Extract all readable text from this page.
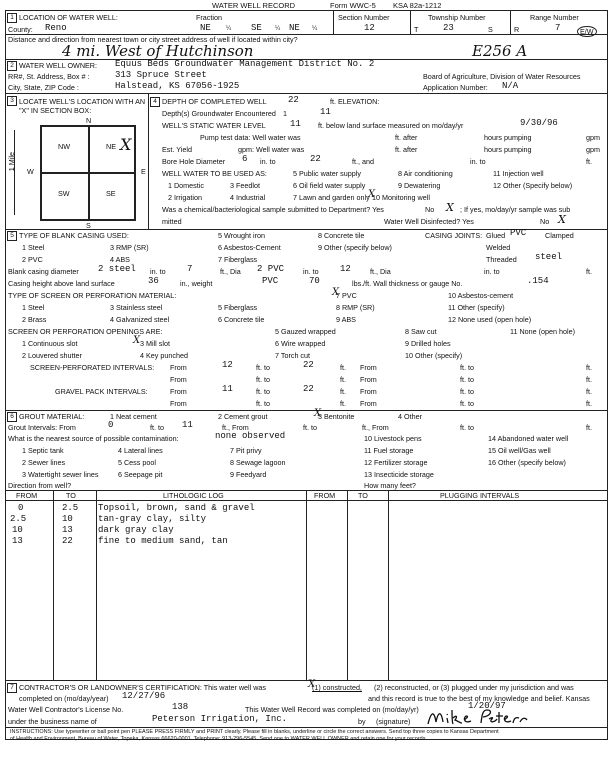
WATER WELL RECORD	Form WWC-5 KSA 82a-1212
1 LOCATION OF WATER WELL:	Fraction	Section Number	Township Number	Range Number
County: Reno	NE ¼ SE ¼ NE ¼	12	T	23	S	R	7	E/W
Distance and direction from nearest town or city street address of well if located within city?
4 mi. West of Hutchinson	E256 A
2 WATER WELL OWNER: Equus Beds Groundwater Management District No. 2
RR#, St. Address, Box # :	313 Spruce Street	Board of Agriculture, Division of Water Resources
City, State, ZIP Code :	Halstead, KS 67056-1925	Application Number: N/A
3 LOCATE WELL'S LOCATION WITH AN "X" IN SECTION BOX:
N
S
E
W
1 Mile
NW	NE
SW	SE
X
4 DEPTH OF COMPLETED WELL 22	ft. ELEVATION:
Depth(s) Groundwater Encountered 1	11
WELL'S STATIC WATER LEVEL	11 ft. below land surface measured on mo/day/yr	9/30/96
Pump test data: Well water was	ft. after	hours pumping	gpm
Est. Yield	gpm: Well water was	ft. after	hours pumping	gpm
Bore Hole Diameter 6 in. to	22	ft., and	in. to	ft.
WELL WATER TO BE USED AS:
1 Domestic	3 Feedlot
5 Public water supply	8 Air conditioning	11 Injection well
2 Irrigation	4 Industrial	7 Lawn and garden only
9 Dewatering	12 Other (Specify below)
6 Oil field water supply
10 Monitoring well
X
Was a chemical/bacteriological sample submitted to Department? Yes	No X ; If yes, mo/day/yr sample was sub
mitted	Water Well Disinfected? Yes	No X
5 TYPE OF BLANK CASING USED:
1 Steel	3 RMP (SR)
5 Wrought iron	8 Concrete tile
2 PVC	4 ABS
6 Asbestos-Cement	9 Other (specify below)
7 Fiberglass
CASING JOINTS: Glued PVC	Clamped
Welded
Threaded steel
Blank casing diameter 2 steel in. to 7	ft., Dia 2 PVC	in. to 12	ft., Dia	in. to	ft.
Casing height above land surface	36	in., weight	PVC	70	lbs./ft. Wall thickness or gauge No.	.154
TYPE OF SCREEN OR PERFORATION MATERIAL:
1 Steel	3 Stainless steel	5 Fiberglass
7 PVC	10 Asbestos-cement
2 Brass	4 Galvanized steel	6 Concrete tile
8 RMP (SR)	11 Other (specify)
9 ABS	12 None used (open hole)
X
SCREEN OR PERFORATION OPENINGS ARE:
1 Continuous slot	3 Mill slot
5 Gauzed wrapped	8 Saw cut	11 None (open hole)
2 Louvered shutter	4 Key punched
6 Wire wrapped	9 Drilled holes
7 Torch cut	10 Other (specify)
X
SCREEN-PERFORATED INTERVALS: From	12	ft. to	22	ft. From	ft. to	ft.
From	ft. to	ft. From	ft. to	ft.
GRAVEL PACK INTERVALS:	From	11	ft. to	22	ft. From	ft. to	ft.
From	ft. to	ft. From	ft. to	ft.
6 GROUT MATERIAL:	1 Neat cement	2 Cement grout	3 Bentonite	4 Other
X
Grout Intervals: From	0	ft. to 11	ft., From	ft. to	ft., From	ft. to	ft.
What is the nearest source of possible contamination:	none observed
1 Septic tank	4 Lateral lines	7 Pit privy
10 Livestock pens	14 Abandoned water well
2 Sewer lines	5 Cess pool	8 Sewage lagoon
11 Fuel storage	15 Oil well/Gas well
3 Watertight sewer lines	6 Seepage pit	9 Feedyard
12 Fertilizer storage	16 Other (specify below)
13 Insecticide storage
Direction from well?	How many feet?
FROM	TO	LITHOLOGIC LOG	FROM	TO	PLUGGING INTERVALS
0	2.5 Topsoil, brown, sand & gravel
2.5	10	tan-gray clay, silty
10	13	dark gray clay
13	22	fine to medium sand, tan
7 CONTRACTOR'S OR LANDOWNER'S CERTIFICATION: This water well was	(1) constructed,
X	(2) reconstructed, or (3) plugged under my jurisdiction and was
completed on (mo/day/year) 12/27/96	and this record is true to the best of my knowledge and belief. Kansas
Water Well Contractor's License No.	138	This Water Well Record was completed on (mo/day/yr)	1/20/97
under the business name of	Peterson Irrigation, Inc.	by (signature)
INSTRUCTIONS: Use typewriter or ball point pen PLEASE PRESS FIRMLY and PRINT clearly. Please fill in blanks, underline or circle the correct answers. Send top three copies to Kansas Department
of Health and Environment, Bureau of Water, Topeka, Kansas 66620-0001. Telephone: 913-296-5545. Send one to WATER WELL OWNER and retain one for your records.
